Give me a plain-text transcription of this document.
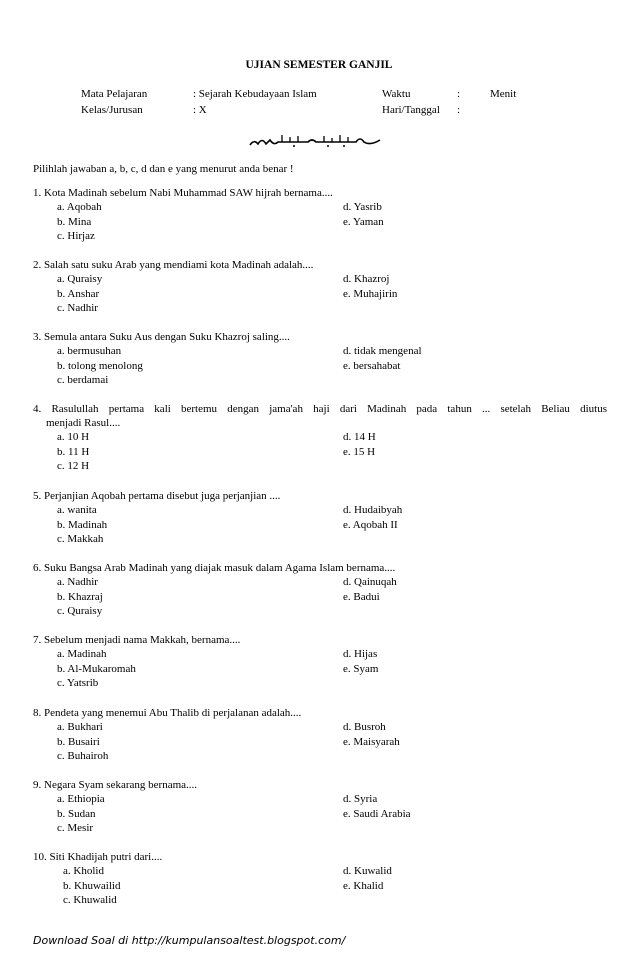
UJIAN SEMESTER GANJIL
Mata Pelajaran	: Sejarah Kebudayaan Islam	Waktu	:	Menit
Kelas/Jurusan	: X	Hari/Tanggal :
Pilihlah jawaban a, b, c, d dan e yang menurut anda benar !
1. Kota Madinah sebelum Nabi Muhammad SAW hijrah bernama....
a. Aqobah	d. Yasrib
b. Mina	e. Yaman
c. Hirjaz
2. Salah satu suku Arab yang mendiami kota Madinah adalah....
a. Quraisy	d. Khazroj
b. Anshar	e. Muhajirin
c. Nadhir
3. Semula antara Suku Aus dengan Suku Khazroj saling....
a. bermusuhan	d. tidak mengenal
b. tolong menolong	e. bersahabat
c. berdamai
4. Rasulullah pertama kali bertemu dengan jama'ah haji dari Madinah pada tahun ... setelah Beliau diutus
menjadi Rasul....
a. 10 H	d. 14 H
b. 11 H	e. 15 H
c. 12 H
5. Perjanjian Aqobah pertama disebut juga perjanjian ....
a. wanita	d. Hudaibyah
b. Madinah	e. Aqobah II
c. Makkah
6. Suku Bangsa Arab Madinah yang diajak masuk dalam Agama Islam bernama....
a. Nadhir	d. Qainuqah
b. Khazraj	e. Badui
c. Quraisy
7. Sebelum menjadi nama Makkah, bernama....
a. Madinah	d. Hijas
b. Al-Mukaromah	e. Syam
c. Yatsrib
8. Pendeta yang menemui Abu Thalib di perjalanan adalah....
a. Bukhari	d. Busroh
b. Busairi	e. Maisyarah
c. Buhairoh
9. Negara Syam sekarang bernama....
a. Ethiopia	d. Syria
b. Sudan	e. Saudi Arabia
c. Mesir
10. Siti Khadijah putri dari....
a. Kholid	d. Kuwalid
b. Khuwailid	e. Khalid
c. Khuwalid
Download Soal di http://kumpulansoaltest.blogspot.com/
